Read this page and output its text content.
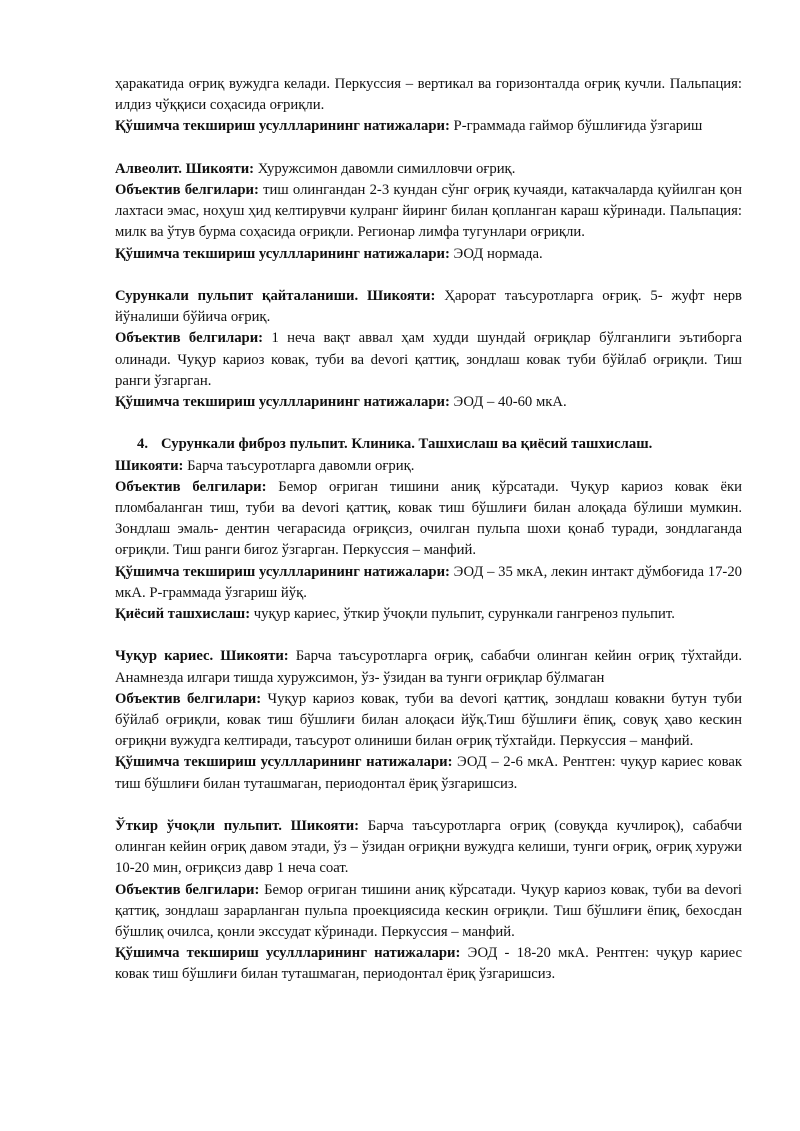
ҳаракатида оғриқ вужудга келади. Перкуссия – вертикал ва горизонталда оғриқ кучли. Пальпация: илдиз чўққиси соҳасида оғриқли.

Қўшимча текшириш усуллларининг натижалари: Р-граммада гаймор бўшлиғида ўзгариш

Алвеолит. Шикояти: Хуружсимон давомли симилловчи оғриқ.

Объектив белгилари: тиш олингандан 2-3 кундан сўнг оғриқ кучаяди, катакчаларда қуйилган қон лахтаси эмас, ноҳуш ҳид келтирувчи кулранг йиринг билан қопланган караш кўринади. Пальпация: милк ва ўтув бурма соҳасида оғриқли. Регионар лимфа тугунлари оғриқли.

Қўшимча текшириш усуллларининг натижалари: ЭОД нормада.

Сурункали пульпит қайталаниши. Шикояти: Ҳарорат таъсуротларга оғриқ. 5- жуфт нерв йўналиши бўйича оғриқ.

Объектив белгилари: 1 неча вақт аввал ҳам худди шундай оғриқлар бўлганлиги эътиборга олинади. Чуқур кариоз ковак, туби ва devori қаттиқ, зондлаш ковак туби бўйлаб оғриқли. Тиш ранги ўзгарган.

Қўшимча текшириш усуллларининг натижалари: ЭОД – 40-60 мкА.

4. Сурункали фиброз пульпит. Клиника. Ташхислаш ва қиёсий ташхислаш.

Шикояти: Барча таъсуротларга давомли оғриқ.

Объектив белгилари: Бемор оғриган тишини аниқ кўрсатади. Чуқур кариоз ковак ёки пломбаланган тиш, туби ва devori қаттиқ, ковак тиш бўшлиғи билан алоқада бўлиши мумкин. Зондлаш эмаль- дентин чегарасида оғриқсиз, очилган пульпа шохи қонаб туради, зондлаганда оғриқли. Тиш ранги биroz ўзгарган. Перкуссия – манфий.

Қўшимча текшириш усуллларининг натижалари: ЭОД – 35 мкА, лекин интакт дўмбоғида 17-20 мкА. Р-граммада ўзгариш йўқ.

Қиёсий ташхислаш: чуқур кариес, ўткир ўчоқли пульпит, сурункали гангреноз пульпит.

Чуқур кариес. Шикояти: Барча таъсуротларга оғриқ, сабабчи олинган кейин оғриқ тўхтайди. Анамнезда илгари тишда хуружсимон, ўз- ўзидан ва тунги оғриқлар бўлмаган

Объектив белгилари: Чуқур кариоз ковак, туби ва devori қаттиқ, зондлаш ковакни бутун туби бўйлаб оғриқли, ковак тиш бўшлиғи билан алоқаси йўқ.Тиш бўшлиғи ёпиқ, совуқ ҳаво кескин оғриқни вужудга келтиради, таъсурот олиниши билан оғриқ тўхтайди. Перкуссия – манфий.

Қўшимча текшириш усуллларининг натижалари: ЭОД – 2-6 мкА. Рентген: чуқур кариес ковак тиш бўшлиғи билан туташмаган, периодонтал ёриқ ўзгаришсиз.

Ўткир ўчоқли пульпит. Шикояти: Барча таъсуротларга оғриқ (совуқда кучлироқ), сабабчи олинган кейин оғриқ давом этади, ўз – ўзидан оғриқни вужудга келиши, тунги оғриқ, оғриқ хуружи 10-20 мин, оғриқсиз давр 1 неча соат.

Объектив белгилари: Бемор оғриган тишини аниқ кўрсатади. Чуқур кариоз ковак, туби ва devori қаттиқ, зондлаш зарарланган пульпа проекциясида кескин оғриқли. Тиш бўшлиғи ёпиқ, бехосдан бўшлиқ очилса, қонли экссудат кўринади. Перкуссия – манфий.

Қўшимча текшириш усуллларининг натижалари: ЭОД - 18-20 мкА. Рентген: чуқур кариес ковак тиш бўшлиғи билан туташмаган, периодонтал ёриқ ўзгаришсиз.
